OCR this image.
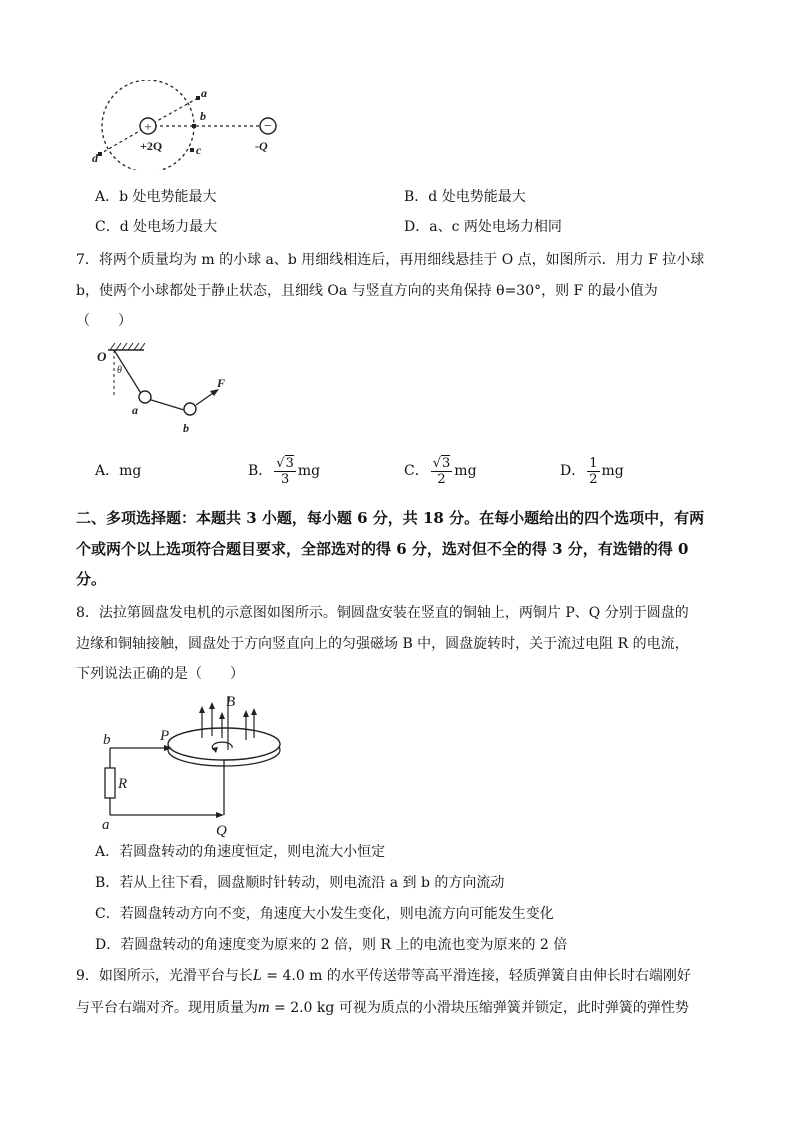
+	−
a
b
c
d
+2Q	-Q
A．b 处电势能最大	B．d 处电势能最大
C．d 处电场力最大	D．a、c 两处电场力相同
7．将两个质量均为 m 的小球 a、b 用细线相连后，再用细线悬挂于 O 点，如图所示．用力 F 拉小球
b，使两个小球都处于静止状态，且细线 Oa 与竖直方向的夹角保持 θ=30°，则 F 的最小值为
（　　）
O
θ
a
b
F
A．mg	B． $\frac{√3}{3}$ mg	C． $\frac{√3}{2}$ mg	D． $\frac{1}{2}$ mg
二、多项选择题：本题共 3 小题，每小题 6 分，共 18 分。在每小题给出的四个选项中，有两
个或两个以上选项符合题目要求，全部选对的得 6 分，选对但不全的得 3 分，有选错的得 0
分。
8．法拉第圆盘发电机的示意图如图所示。铜圆盘安装在竖直的铜轴上，两铜片 P、Q 分别于圆盘的
边缘和铜轴接触，圆盘处于方向竖直向上的匀强磁场 B 中，圆盘旋转时，关于流过电阻 R 的电流，
下列说法正确的是（　　）
B
P
b
R
a	Q
A．若圆盘转动的角速度恒定，则电流大小恒定
B．若从上往下看，圆盘顺时针转动，则电流沿 a 到 b 的方向流动
C．若圆盘转动方向不变，角速度大小发生变化，则电流方向可能发生变化
D．若圆盘转动的角速度变为原来的 2 倍，则 R 上的电流也变为原来的 2 倍
9．如图所示，光滑平台与长L = 4.0 m 的水平传送带等高平滑连接，轻质弹簧自由伸长时右端刚好
与平台右端对齐。现用质量为m = 2.0 kg 可视为质点的小滑块压缩弹簧并锁定，此时弹簧的弹性势
